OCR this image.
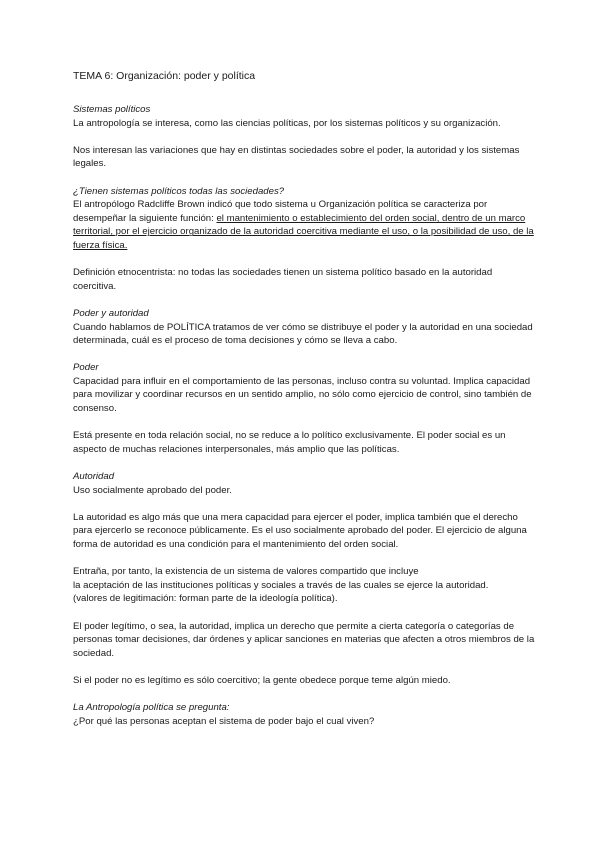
TEMA 6: Organización: poder y política
Sistemas políticos

La antropología se interesa, como las ciencias políticas, por los sistemas políticos y su organización.

Nos interesan las variaciones que hay en distintas sociedades sobre el poder, la autoridad y los sistemas legales.

¿Tienen sistemas políticos todas las sociedades?

El antropólogo Radcliffe Brown indicó que todo sistema u Organización política se caracteriza por desempeñar la siguiente función: el mantenimiento o establecimiento del orden social, dentro de un marco territorial, por el ejercicio organizado de la autoridad coercitiva mediante el uso, o la posibilidad de uso, de la fuerza física.

Definición etnocentrista: no todas las sociedades tienen un sistema político basado en la autoridad coercitiva.

Poder y autoridad

Cuando hablamos de POLÍTICA tratamos de ver cómo se distribuye el poder y la autoridad en una sociedad determinada, cuál es el proceso de toma decisiones y cómo se lleva a cabo.

Poder

Capacidad para influir en el comportamiento de las personas, incluso contra su voluntad. Implica capacidad para movilizar y coordinar recursos en un sentido amplio, no sólo como ejercicio de control, sino también de consenso.

Está presente en toda relación social, no se reduce a lo político exclusivamente. El poder social es un aspecto de muchas relaciones interpersonales, más amplio que las políticas.

Autoridad

Uso socialmente aprobado del poder.

La autoridad es algo más que una mera capacidad para ejercer el poder, implica también que el derecho para ejercerlo se reconoce públicamente. Es el uso socialmente aprobado del poder. El ejercicio de alguna forma de autoridad es una condición para el mantenimiento del orden social.

Entraña, por tanto, la existencia de un sistema de valores compartido que incluye

la aceptación de las instituciones políticas y sociales a través de las cuales se ejerce la autoridad.

(valores de legitimación: forman parte de la ideología política).

El poder legítimo, o sea, la autoridad, implica un derecho que permite a cierta categoría o categorías de personas tomar decisiones, dar órdenes y aplicar sanciones en materias que afecten a otros miembros de la sociedad.

Si el poder no es legítimo es sólo coercitivo; la gente obedece porque teme algún miedo.

La Antropología política se pregunta:

¿Por qué las personas aceptan el sistema de poder bajo el cual viven?
